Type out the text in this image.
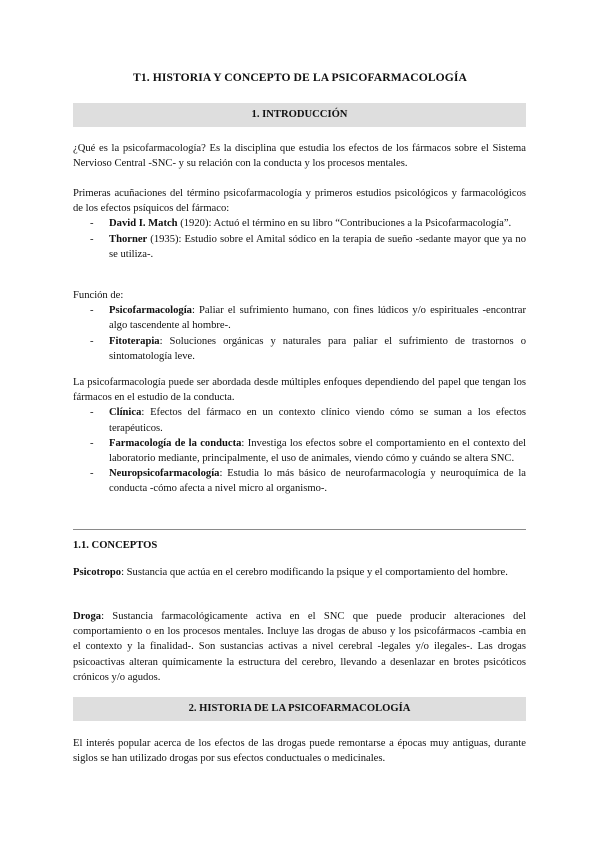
T1. HISTORIA Y CONCEPTO DE LA PSICOFARMACOLOGÍA
1. INTRODUCCIÓN

¿Qué es la psicofarmacología? Es la disciplina que estudia los efectos de los fármacos sobre el Sistema Nervioso Central -SNC- y su relación con la conducta y los procesos mentales.

Primeras acuñaciones del término psicofarmacología y primeros estudios psicológicos y farmacológicos de los efectos psíquicos del fármaco:

- David I. Match (1920): Actuó el término en su libro “Contribuciones a la Psicofarmacología”.
- Thorner (1935): Estudio sobre el Amital sódico en la terapia de sueño -sedante mayor que ya no se utiliza-.

Función de:

- Psicofarmacología: Paliar el sufrimiento humano, con fines lúdicos y/o espirituales -encontrar algo tascendente al hombre-.
- Fitoterapia: Soluciones orgánicas y naturales para paliar el sufrimiento de trastornos o sintomatología leve.

La psicofarmacología puede ser abordada desde múltiples enfoques dependiendo del papel que tengan los fármacos en el estudio de la conducta.

- Clínica: Efectos del fármaco en un contexto clínico viendo cómo se suman a los efectos terapéuticos.
- Farmacología de la conducta: Investiga los efectos sobre el comportamiento en el contexto del laboratorio mediante, principalmente, el uso de animales, viendo cómo y cuándo se altera SNC.
- Neuropsicofarmacología: Estudia lo más básico de neurofarmacología y neuroquímica de la conducta -cómo afecta a nivel micro al organismo-.
1.1. CONCEPTOS

Psicotropo: Sustancia que actúa en el cerebro modificando la psique y el comportamiento del hombre.

Droga: Sustancia farmacológicamente activa en el SNC que puede producir alteraciones del comportamiento o en los procesos mentales. Incluye las drogas de abuso y los psicofármacos -cambia en el contexto y la finalidad-. Son sustancias activas a nivel cerebral -legales y/o ilegales-. Las drogas psicoactivas alteran químicamente la estructura del cerebro, llevando a desenlazar en brotes psicóticos crónicos y/o agudos.

2. HISTORIA DE LA PSICOFARMACOLOGÍA

El interés popular acerca de los efectos de las drogas puede remontarse a épocas muy antiguas, durante siglos se han utilizado drogas por sus efectos conductuales o medicinales.
